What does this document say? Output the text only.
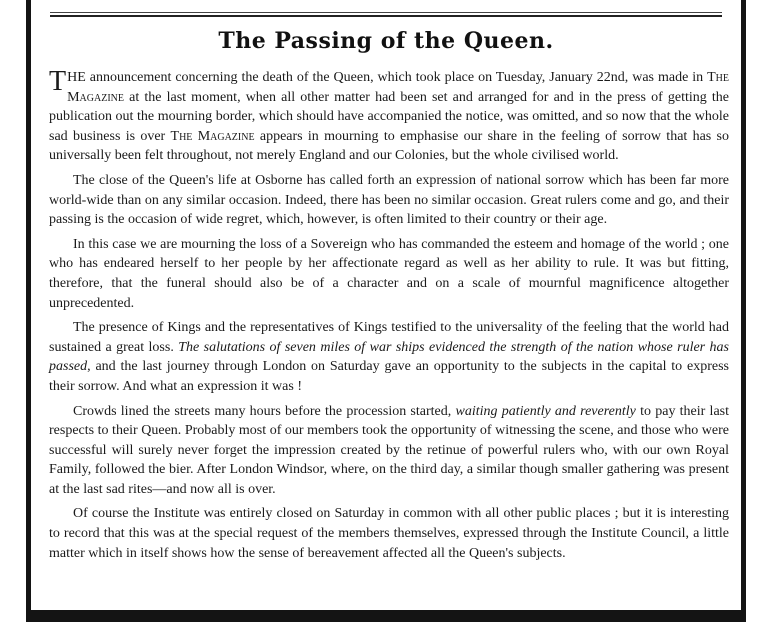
The Passing of the Queen.

THE announcement concerning the death of the Queen, which took place on Tuesday, January 22nd, was made in The Magazine at the last moment, when all other matter had been set and arranged for and in the press of getting the publication out the mourning border, which should have accompanied the notice, was omitted, and so now that the whole sad business is over The Magazine appears in mourning to emphasise our share in the feeling of sorrow that has so universally been felt throughout, not merely England and our Colonies, but the whole civilised world.

The close of the Queen's life at Osborne has called forth an expression of national sorrow which has been far more world-wide than on any similar occasion. Indeed, there has been no similar occasion. Great rulers come and go, and their passing is the occasion of wide regret, which, however, is often limited to their country or their age.

In this case we are mourning the loss of a Sovereign who has commanded the esteem and homage of the world ; one who has endeared herself to her people by her affectionate regard as well as her ability to rule. It was but fitting, therefore, that the funeral should also be of a character and on a scale of mournful magnificence altogether unprecedented.

The presence of Kings and the representatives of Kings testified to the universality of the feeling that the world had sustained a great loss. The salutations of seven miles of war ships evidenced the strength of the nation whose ruler has passed, and the last journey through London on Saturday gave an opportunity to the subjects in the capital to express their sorrow. And what an expression it was !

Crowds lined the streets many hours before the procession started, waiting patiently and reverently to pay their last respects to their Queen. Probably most of our members took the opportunity of witnessing the scene, and those who were successful will surely never forget the impression created by the retinue of powerful rulers who, with our own Royal Family, followed the bier. After London Windsor, where, on the third day, a similar though smaller gathering was present at the last sad rites—and now all is over.

Of course the Institute was entirely closed on Saturday in common with all other public places ; but it is interesting to record that this was at the special request of the members themselves, expressed through the Institute Council, a little matter which in itself shows how the sense of bereavement affected all the Queen's subjects.
